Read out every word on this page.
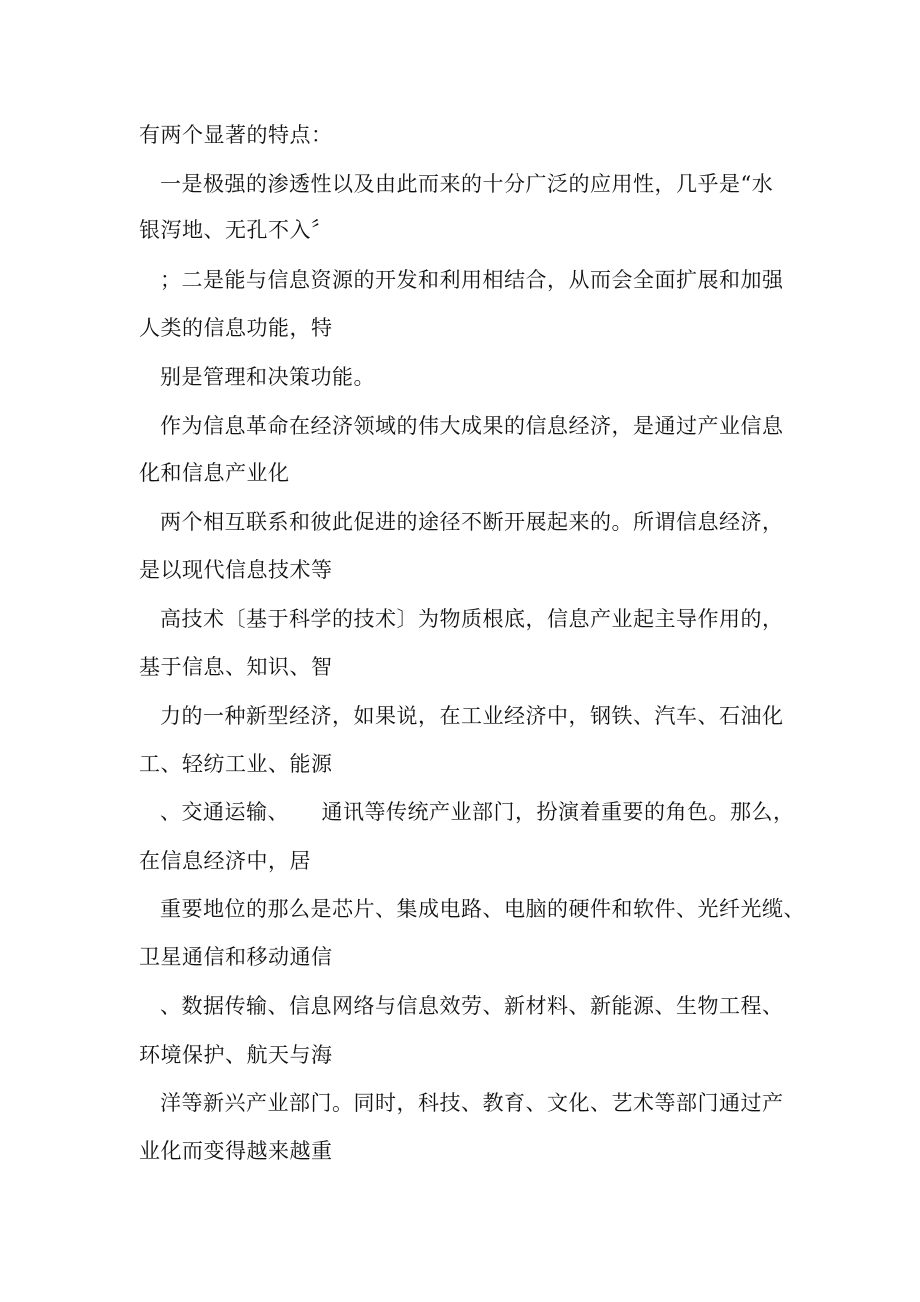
有两个显著的特点：

一是极强的渗透性以及由此而来的十分广泛的应用性，几乎是“水

银泻地、无孔不入〞

；二是能与信息资源的开发和利用相结合，从而会全面扩展和加强

人类的信息功能，特

别是管理和决策功能。

作为信息革命在经济领域的伟大成果的信息经济，是通过产业信息

化和信息产业化

两个相互联系和彼此促进的途径不断开展起来的。所谓信息经济，

是以现代信息技术等

高技术〔基于科学的技术〕为物质根底，信息产业起主导作用的，

基于信息、知识、智

力的一种新型经济，如果说，在工业经济中，钢铁、汽车、石油化

工、轻纺工业、能源

、交通运输、　　通讯等传统产业部门，扮演着重要的角色。那么，

在信息经济中，居

重要地位的那么是芯片、集成电路、电脑的硬件和软件、光纤光缆、

卫星通信和移动通信

、数据传输、信息网络与信息效劳、新材料、新能源、生物工程、

环境保护、航天与海

洋等新兴产业部门。同时，科技、教育、文化、艺术等部门通过产

业化而变得越来越重
